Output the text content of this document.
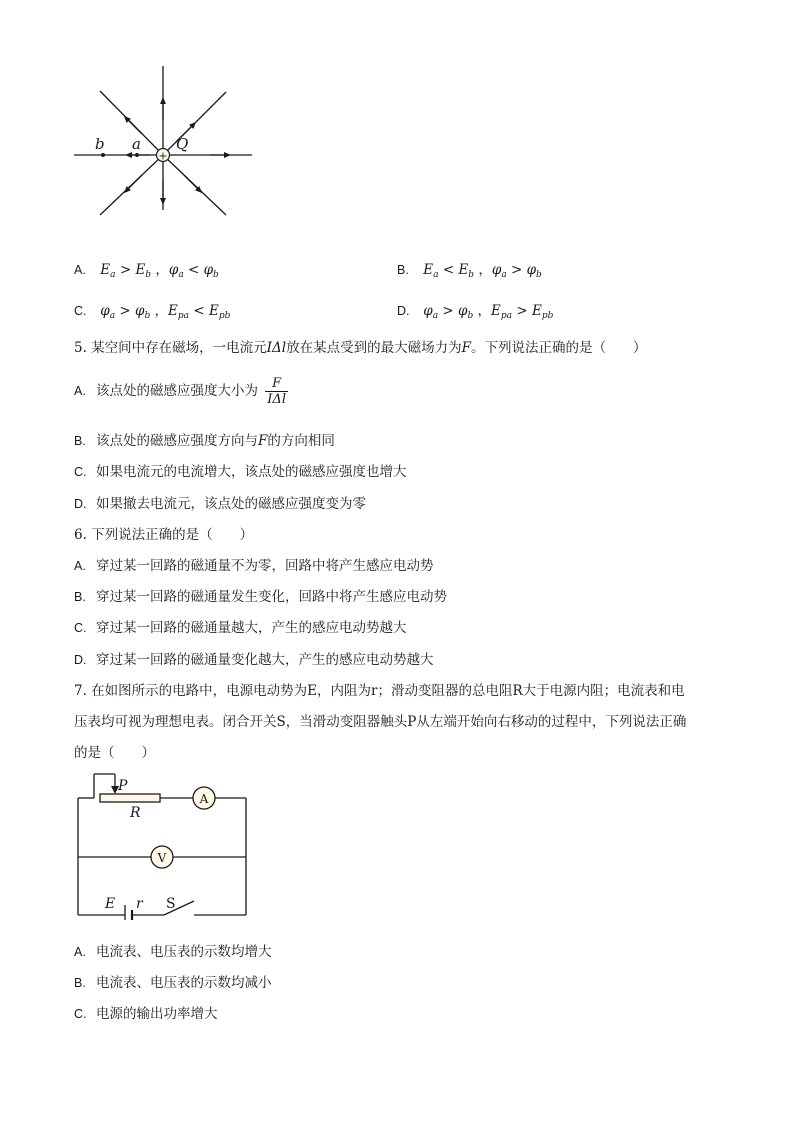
+
b a Q
A. $E_a > E_b$ ，$\varphi_a < \varphi_b$	B. $E_a < E_b$ ，$\varphi_a > \varphi_b$
C. $\varphi_a > \varphi_b$ ，$E_{pa} < E_{pb}$	D. $\varphi_a > \varphi_b$ ，$E_{pa} > E_{pb}$
5. 某空间中存在磁场，一电流元IΔl放在某点受到的最大磁场力为F。下列说法正确的是（　　）
A. 该点处的磁感应强度大小为 $\frac{F}{\text{IΔl}}$
B. 该点处的磁感应强度方向与F的方向相同
C. 如果电流元的电流增大，该点处的磁感应强度也增大
D. 如果撤去电流元，该点处的磁感应强度变为零
6. 下列说法正确的是（　　）
A. 穿过某一回路的磁通量不为零，回路中将产生感应电动势
B. 穿过某一回路的磁通量发生变化，回路中将产生感应电动势
C. 穿过某一回路的磁通量越大，产生的感应电动势越大
D. 穿过某一回路的磁通量变化越大，产生的感应电动势越大
7. 在如图所示的电路中，电源电动势为E，内阻为r；滑动变阻器的总电阻R大于电源内阻；电流表和电
压表均可视为理想电表。闭合开关S，当滑动变阻器触头P从左端开始向右移动的过程中，下列说法正确
的是（　　）
P
R
A
V
E r S
A. 电流表、电压表的示数均增大
B. 电流表、电压表的示数均减小
C. 电源的输出功率增大
